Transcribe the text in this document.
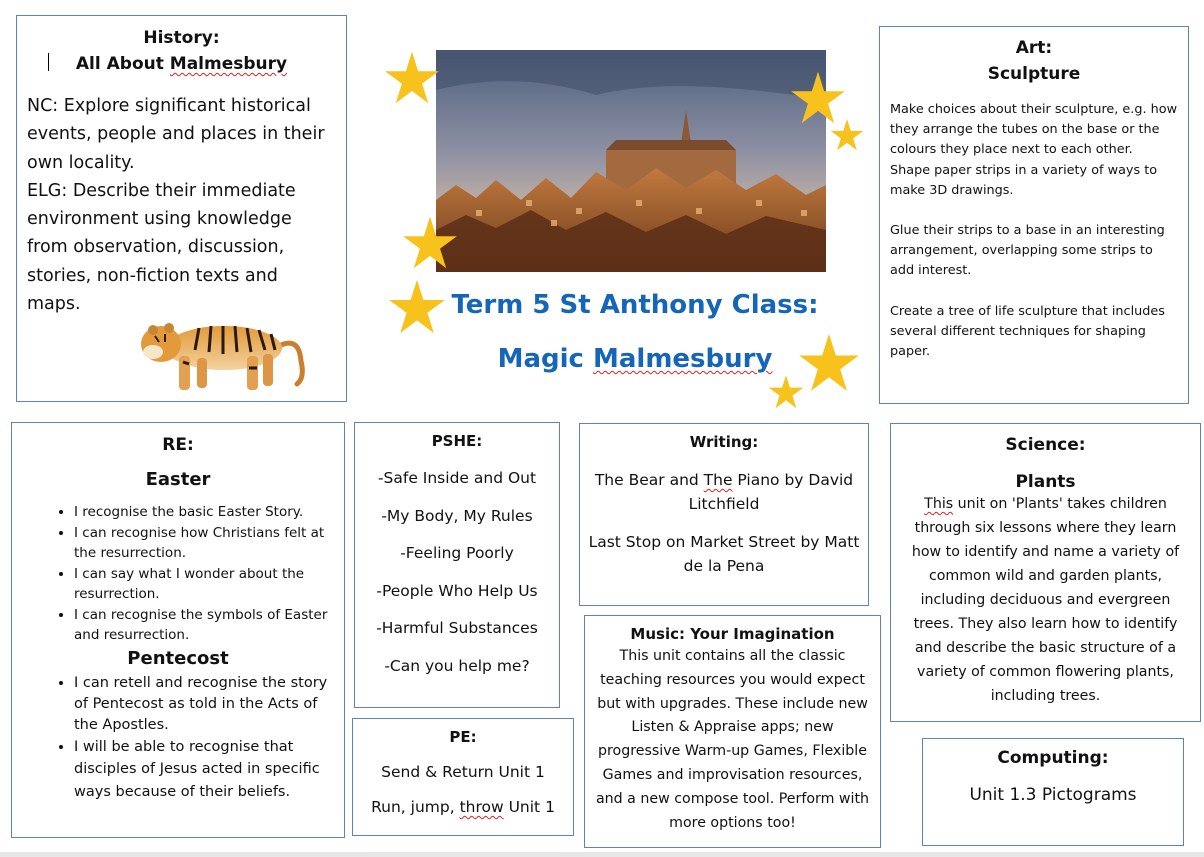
History:
All About Malmesbury
NC: Explore significant historical events, people and places in their own locality.
ELG: Describe their immediate environment using knowledge from observation, discussion, stories, non-fiction texts and maps.	Term 5 St Anthony Class:
Magic Malmesbury
Art:
Sculpture
Make choices about their sculpture, e.g. how they arrange the tubes on the base or the colours they place next to each other.
Shape paper strips in a variety of ways to make 3D drawings.
Glue their strips to a base in an interesting arrangement, overlapping some strips to add interest.
Create a tree of life sculpture that includes several different techniques for shaping paper.
RE:
Easter
• I recognise the basic Easter Story.
• I can recognise how Christians felt at the resurrection.
• I can say what I wonder about the resurrection.
• I can recognise the symbols of Easter and resurrection.
Pentecost
• I can retell and recognise the story of Pentecost as told in the Acts of the Apostles.
• I will be able to recognise that disciples of Jesus acted in specific ways because of their beliefs.
PSHE:
-Safe Inside and Out
-My Body, My Rules
-Feeling Poorly
-People Who Help Us
-Harmful Substances
-Can you help me?
PE:
Send & Return Unit 1
Run, jump, throw Unit 1
Writing:
The Bear and The Piano by David Litchfield
Last Stop on Market Street by Matt de la Pena
Music: Your Imagination
This unit contains all the classic teaching resources you would expect but with upgrades. These include new Listen & Appraise apps; new progressive Warm-up Games, Flexible Games and improvisation resources, and a new compose tool. Perform with more options too!
Science:
Plants
This unit on 'Plants' takes children through six lessons where they learn how to identify and name a variety of common wild and garden plants, including deciduous and evergreen trees. They also learn how to identify and describe the basic structure of a variety of common flowering plants, including trees.
Computing:
Unit 1.3 Pictograms
